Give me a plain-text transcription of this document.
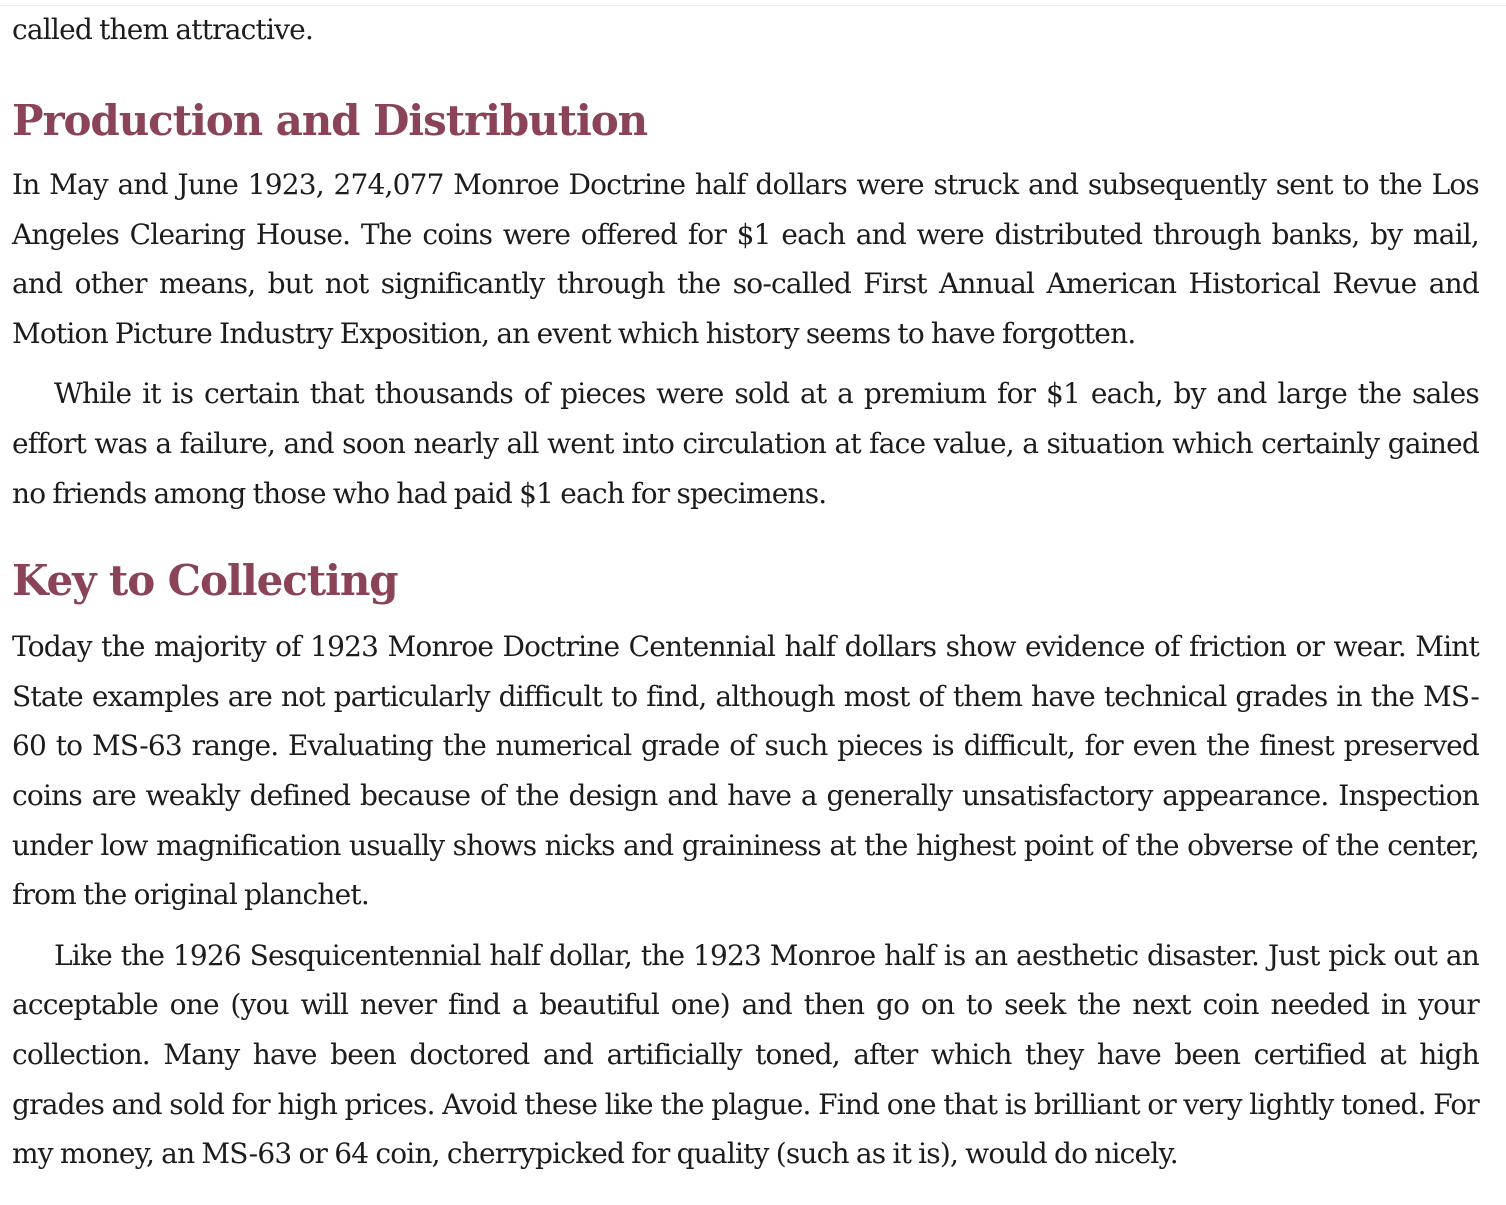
called them attractive.

Production and Distribution

In May and June 1923, 274,077 Monroe Doctrine half dollars were struck and subsequently sent to the Los Angeles Clearing House. The coins were offered for $1 each and were distributed through banks, by mail, and other means, but not significantly through the so-called First Annual American Historical Revue and Motion Picture Industry Exposition, an event which history seems to have forgotten.

While it is certain that thousands of pieces were sold at a premium for $1 each, by and large the sales effort was a failure, and soon nearly all went into circulation at face value, a situation which certainly gained no friends among those who had paid $1 each for specimens.

Key to Collecting

Today the majority of 1923 Monroe Doctrine Centennial half dollars show evidence of friction or wear. Mint State examples are not particularly difficult to find, although most of them have technical grades in the MS-60 to MS-63 range. Evaluating the numerical grade of such pieces is difficult, for even the finest preserved coins are weakly defined because of the design and have a generally unsatisfactory appearance. Inspection under low magnification usually shows nicks and graininess at the highest point of the obverse of the center, from the original planchet.

Like the 1926 Sesquicentennial half dollar, the 1923 Monroe half is an aesthetic disaster. Just pick out an acceptable one (you will never find a beautiful one) and then go on to seek the next coin needed in your collection. Many have been doctored and artificially toned, after which they have been certified at high grades and sold for high prices. Avoid these like the plague. Find one that is brilliant or very lightly toned. For my money, an MS-63 or 64 coin, cherrypicked for quality (such as it is), would do nicely.
